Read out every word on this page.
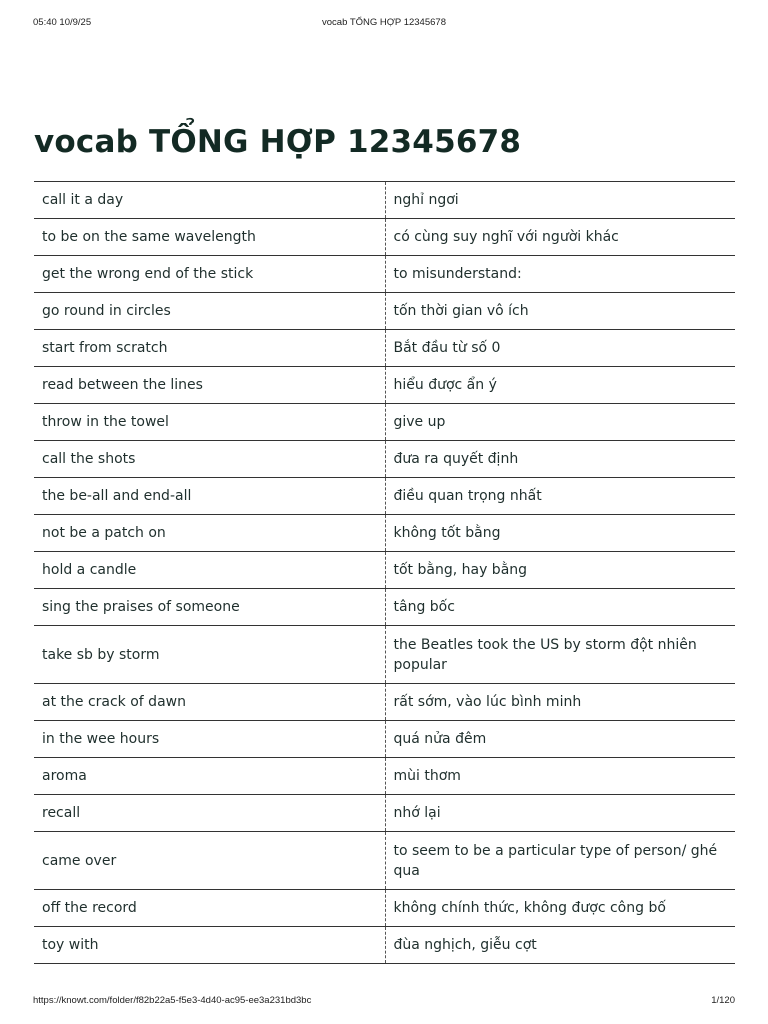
05:40 10/9/25	vocab TỔNG HỢP 12345678
vocab TỔNG HỢP 12345678
call it a day	nghỉ ngơi
to be on the same wavelength	có cùng suy nghĩ với người khác
get the wrong end of the stick	to misunderstand:
go round in circles	tốn thời gian vô ích
start from scratch	Bắt đầu từ số 0
read between the lines	hiểu được ẩn ý
throw in the towel	give up
call the shots	đưa ra quyết định
the be-all and end-all	điều quan trọng nhất
not be a patch on	không tốt bằng
hold a candle	tốt bằng, hay bằng
sing the praises of someone	tâng bốc
take sb by storm	the Beatles took the US by storm đột nhiên popular
at the crack of dawn	rất sớm, vào lúc bình minh
in the wee hours	quá nửa đêm
aroma	mùi thơm
recall	nhớ lại
came over	to seem to be a particular type of person/ ghé qua
off the record	không chính thức, không được công bố
toy with	đùa nghịch, giễu cợt
https://knowt.com/folder/f82b22a5-f5e3-4d40-ac95-ee3a231bd3bc	1/120
